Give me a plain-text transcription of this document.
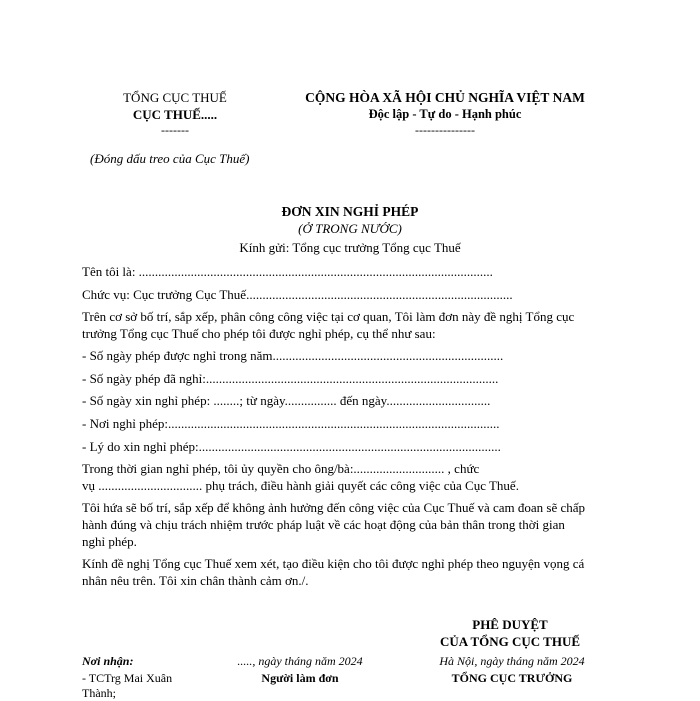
TỔNG CỤC THUẾ
CỤC THUẾ.....
-------
CỘNG HÒA XÃ HỘI CHỦ NGHĨA VIỆT NAM
Độc lập - Tự do - Hạnh phúc
---------------
(Đóng dấu treo của Cục Thuế)
ĐƠN XIN NGHỈ PHÉP
(Ở TRONG NƯỚC)
Kính gửi: Tổng cục trưởng Tổng cục Thuế
Tên tôi là: .............................................................................................................
Chức vụ: Cục trưởng Cục Thuế..................................................................................
Trên cơ sở bố trí, sắp xếp, phân công công việc tại cơ quan, Tôi làm đơn này đề nghị Tổng cục
trưởng Tổng cục Thuế cho phép tôi được nghỉ phép, cụ thể như sau:
- Số ngày phép được nghỉ trong năm.......................................................................
- Số ngày phép đã nghỉ:..........................................................................................
- Số ngày xin nghỉ phép: ........; từ ngày................ đến ngày................................
- Nơi nghỉ phép:......................................................................................................
- Lý do xin nghỉ phép:.............................................................................................
Trong thời gian nghỉ phép, tôi ủy quyền cho ông/bà:............................ , chức
vụ ................................ phụ trách, điều hành giải quyết các công việc của Cục Thuế.
Tôi hứa sẽ bố trí, sắp xếp để không ảnh hưởng đến công việc của Cục Thuế và cam đoan sẽ chấp
hành đúng và chịu trách nhiệm trước pháp luật về các hoạt động của bản thân trong thời gian
nghỉ phép.
Kính đề nghị Tổng cục Thuế xem xét, tạo điều kiện cho tôi được nghỉ phép theo nguyện vọng cá
nhân nêu trên. Tôi xin chân thành cảm ơn./.
PHÊ DUYỆT
CỦA TỔNG CỤC THUẾ
Nơi nhận:
- TCTrg Mai Xuân
Thành;
....., ngày tháng năm 2024
Người làm đơn
Hà Nội, ngày tháng năm 2024
TỔNG CỤC TRƯỞNG
